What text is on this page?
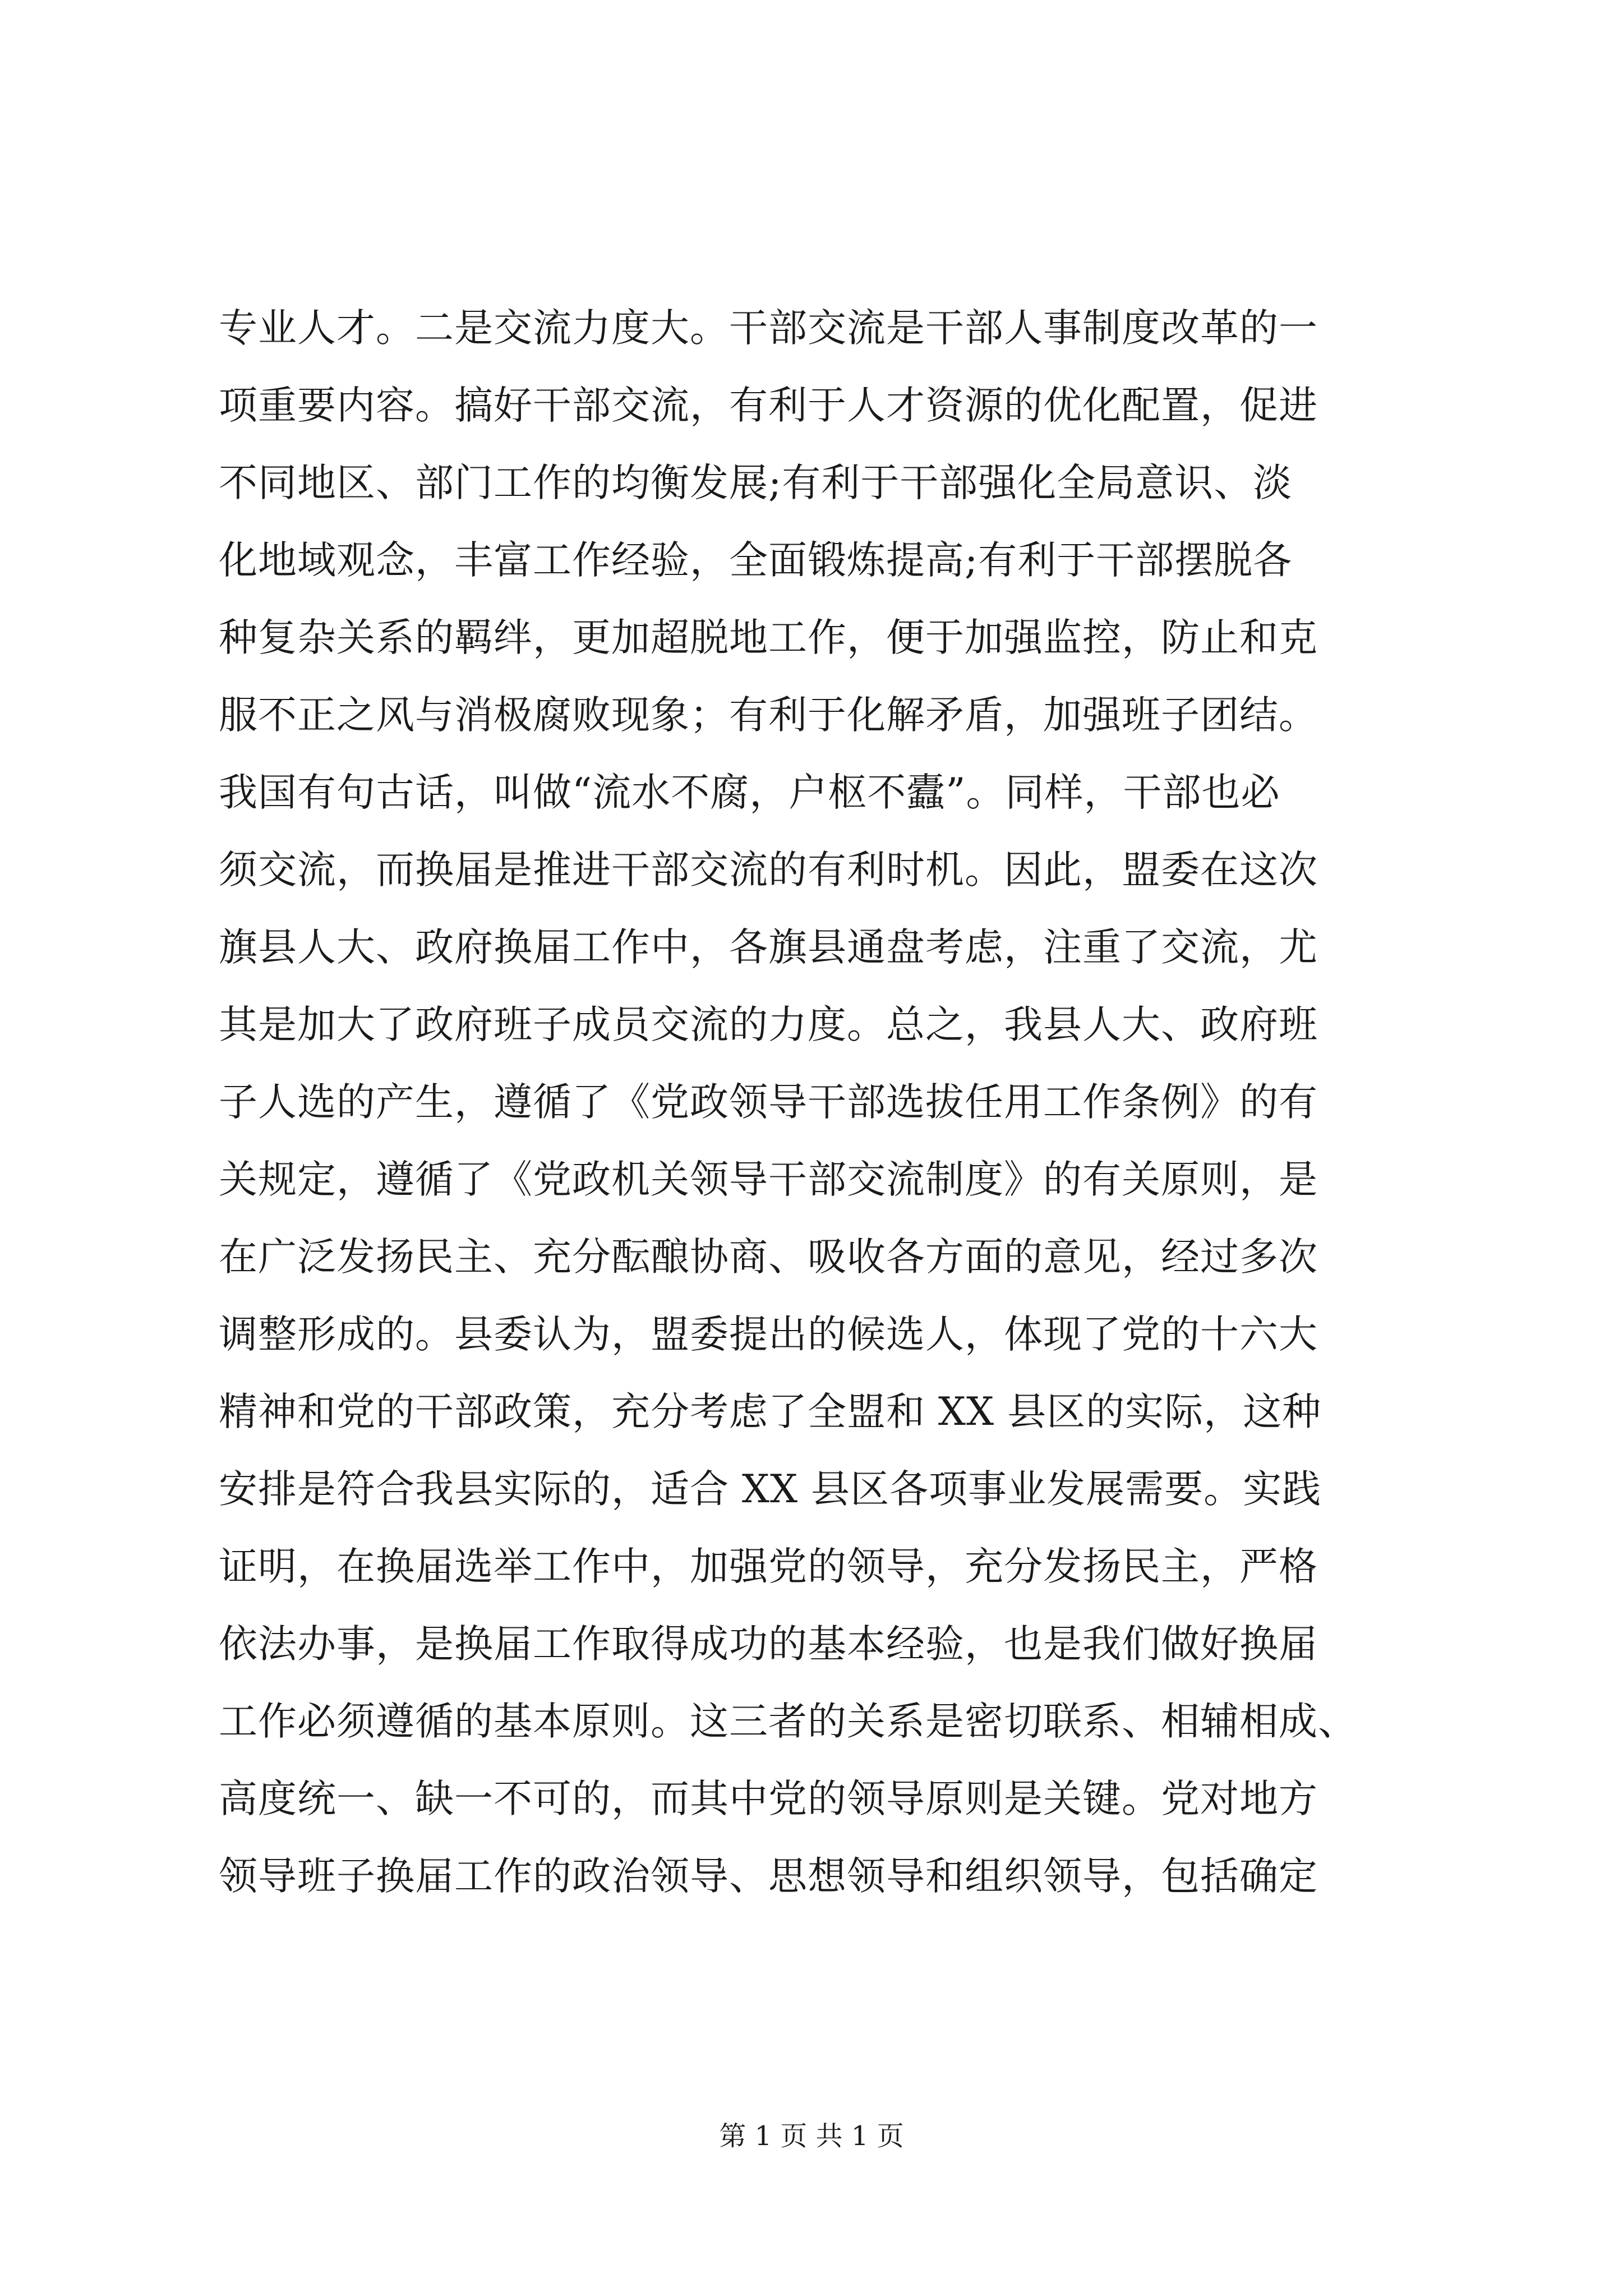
专业人才。二是交流力度大。干部交流是干部人事制度改革的一
项重要内容。搞好干部交流，有利于人才资源的优化配置，促进
不同地区、部门工作的均衡发展;有利于干部强化全局意识、淡
化地域观念，丰富工作经验，全面锻炼提高;有利于干部摆脱各
种复杂关系的羁绊，更加超脱地工作，便于加强监控，防止和克
服不正之风与消极腐败现象；有利于化解矛盾，加强班子团结。
我国有句古话，叫做“流水不腐，户枢不蠹”。同样，干部也必
须交流，而换届是推进干部交流的有利时机。因此，盟委在这次
旗县人大、政府换届工作中，各旗县通盘考虑，注重了交流，尤
其是加大了政府班子成员交流的力度。总之，我县人大、政府班
子人选的产生，遵循了《党政领导干部选拔任用工作条例》的有
关规定，遵循了《党政机关领导干部交流制度》的有关原则，是
在广泛发扬民主、充分酝酿协商、吸收各方面的意见，经过多次
调整形成的。县委认为，盟委提出的候选人，体现了党的十六大
精神和党的干部政策，充分考虑了全盟和 XX 县区的实际，这种
安排是符合我县实际的，适合 XX 县区各项事业发展需要。实践
证明，在换届选举工作中，加强党的领导，充分发扬民主，严格
依法办事，是换届工作取得成功的基本经验，也是我们做好换届
工作必须遵循的基本原则。这三者的关系是密切联系、相辅相成、
高度统一、缺一不可的，而其中党的领导原则是关键。党对地方
领导班子换届工作的政治领导、思想领导和组织领导，包括确定
第 1 页 共 1 页
